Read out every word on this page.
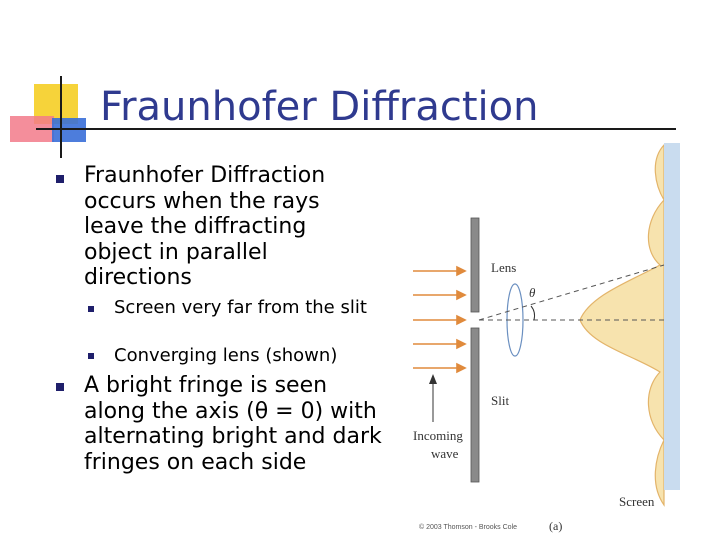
Fraunhofer Diffraction
Fraunhofer Diffraction occurs when the rays leave the diffracting object in parallel directions
Screen very far from the slit
Converging lens (shown)
A bright fringe is seen along the axis (θ = 0) with alternating bright and dark fringes on each side
Lens
θ
Slit
Incoming
wave
Screen
© 2003 Thomson - Brooks Cole	(a)
